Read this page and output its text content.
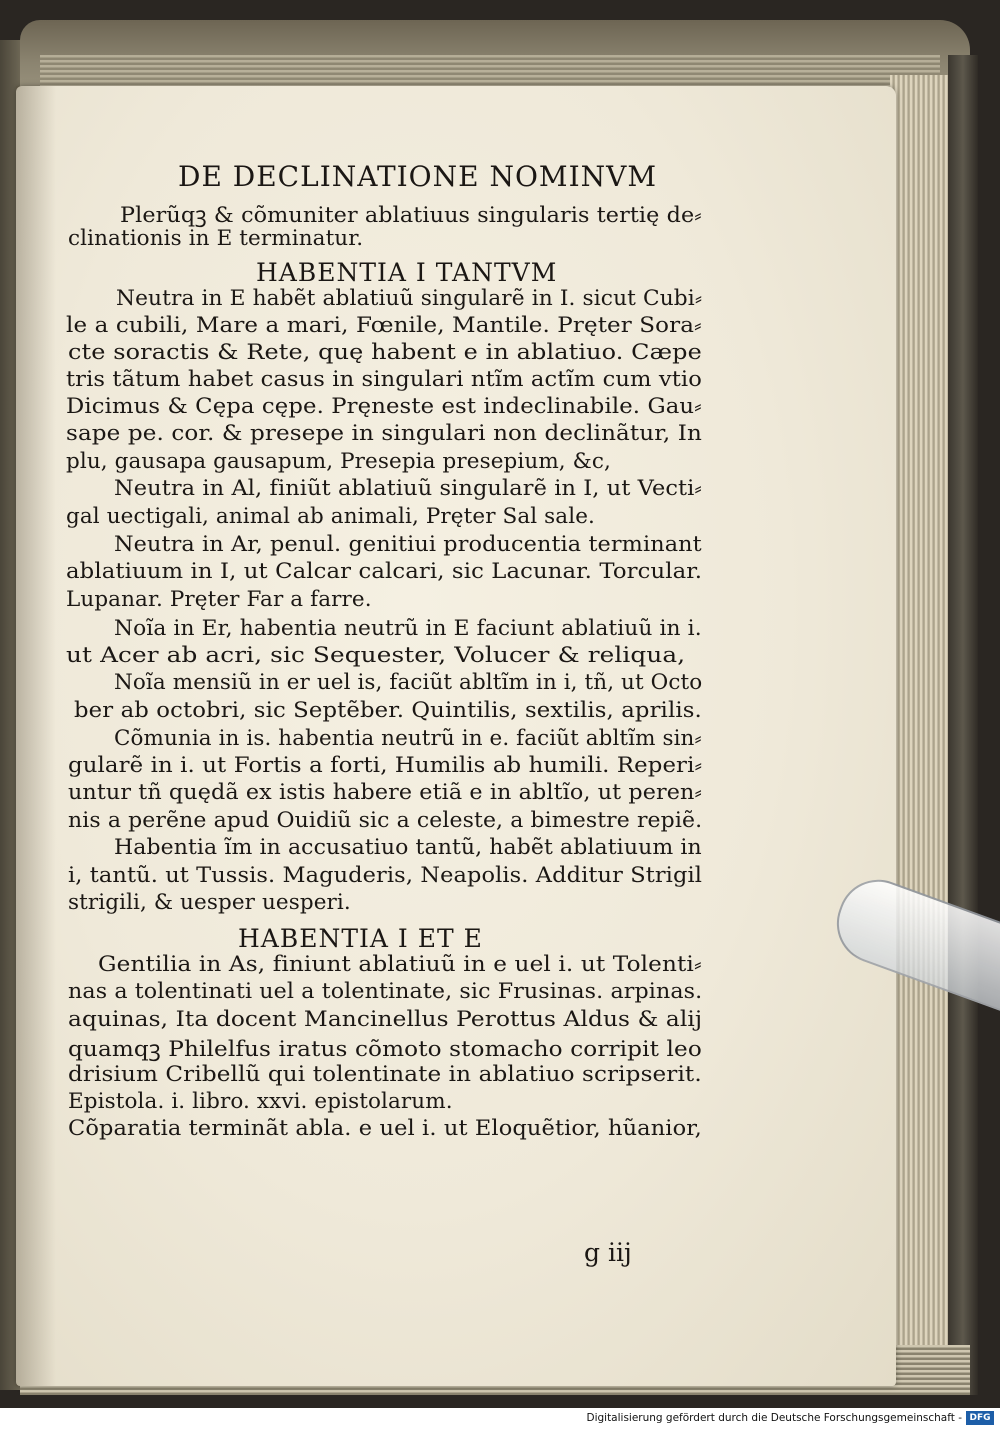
DE DECLINATIONE NOMINVM
Plerũqꝫ & cõmuniter ablatiuus singularis tertię de⸗
clinationis in E terminatur.
HABENTIA I TANTVM
Neutra in E habẽt ablatiuũ singularẽ in I. sicut Cubi⸗
le a cubili, Mare a mari, Fœnile, Mantile. Pręter Sora⸗
cte soractis & Rete, quę habent e in ablatiuo. Cæpe
tris tãtum habet casus in singulari ntĩm actĩm cum vtio
Dicimus & Cępa cępe. Pręneste est indeclinabile. Gau⸗
sape pe. cor. & presepe in singulari non declinãtur, In
plu, gausapa gausapum, Presepia presepium, &c,
Neutra in Al, finiũt ablatiuũ singularẽ in I, ut Vecti⸗
gal uectigali, animal ab animali, Pręter Sal sale.
Neutra in Ar, penul. genitiui producentia terminant
ablatiuum in I, ut Calcar calcari, sic Lacunar. Torcular.
Lupanar. Pręter Far a farre.
Noĩa in Er, habentia neutrũ in E faciunt ablatiuũ in i.
ut Acer ab acri, sic Sequester, Volucer & reliqua,
Noĩa mensiũ in er uel is, faciũt abltĩm in i, tñ, ut Octo
ber ab octobri, sic Septẽber. Quintilis, sextilis, aprilis.
Cõmunia in is. habentia neutrũ in e. faciũt abltĩm sin⸗
gularẽ in i. ut Fortis a forti, Humilis ab humili. Reperi⸗
untur tñ quędã ex istis habere etiã e in abltĩo, ut peren⸗
nis a perẽne apud Ouidiũ sic a celeste, a bimestre repiẽ.
Habentia ĩm in accusatiuo tantũ, habẽt ablatiuum in
i, tantũ. ut Tussis. Maguderis, Neapolis. Additur Strigil
strigili, & uesper uesperi.
HABENTIA I ET E
Gentilia in As, finiunt ablatiuũ in e uel i. ut Tolenti⸗
nas a tolentinati uel a tolentinate, sic Frusinas. arpinas.
aquinas, Ita docent Mancinellus Perottus Aldus & alij
quamqꝫ Philelfus iratus cõmoto stomacho corripit leo
drisium Cribellũ qui tolentinate in ablatiuo scripserit.
Epistola. i. libro. xxvi. epistolarum.
Cõparatia terminãt abla. e uel i. ut Eloquẽtior, hũanior,
g iij
Digitalisierung gefördert durch die Deutsche Forschungsgemeinschaft - DFG
